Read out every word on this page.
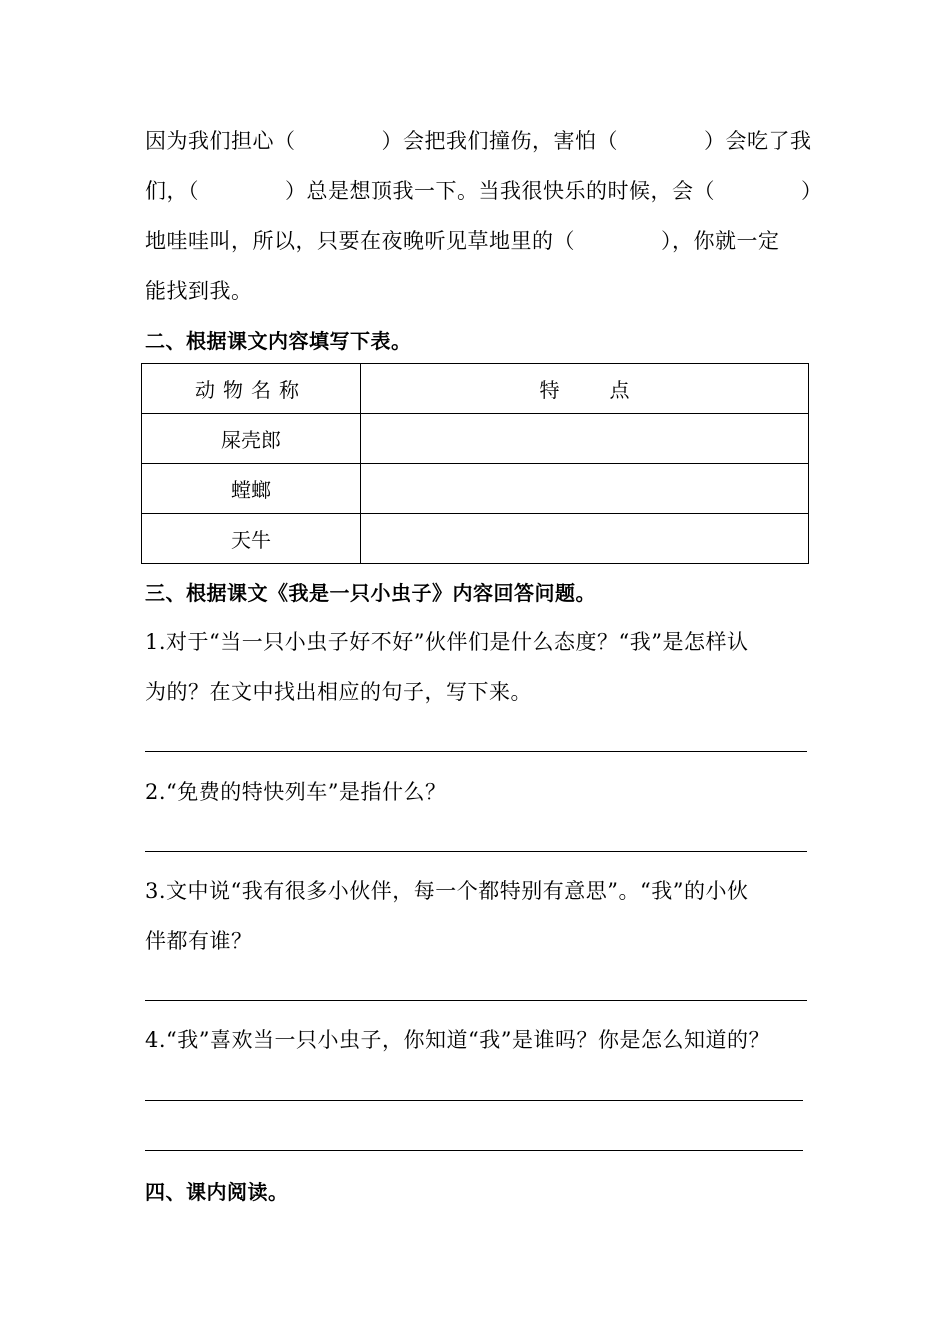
因为我们担心（　　　　）会把我们撞伤，害怕（　　　　）会吃了我
们，（　　　　）总是想顶我一下。当我很快乐的时候，会（　　　　）
地哇哇叫，所以，只要在夜晚听见草地里的（　　　　），你就一定
能找到我。
二、根据课文内容填写下表。
动物名称	特点
屎壳郎	
螳螂	
天牛	
三、根据课文《我是一只小虫子》内容回答问题。
1.对于“当一只小虫子好不好”伙伴们是什么态度？“我”是怎样认
为的？在文中找出相应的句子，写下来。
2.“免费的特快列车”是指什么？
3.文中说“我有很多小伙伴，每一个都特别有意思”。“我”的小伙
伴都有谁？
4.“我”喜欢当一只小虫子，你知道“我”是谁吗？你是怎么知道的？
四、课内阅读。
